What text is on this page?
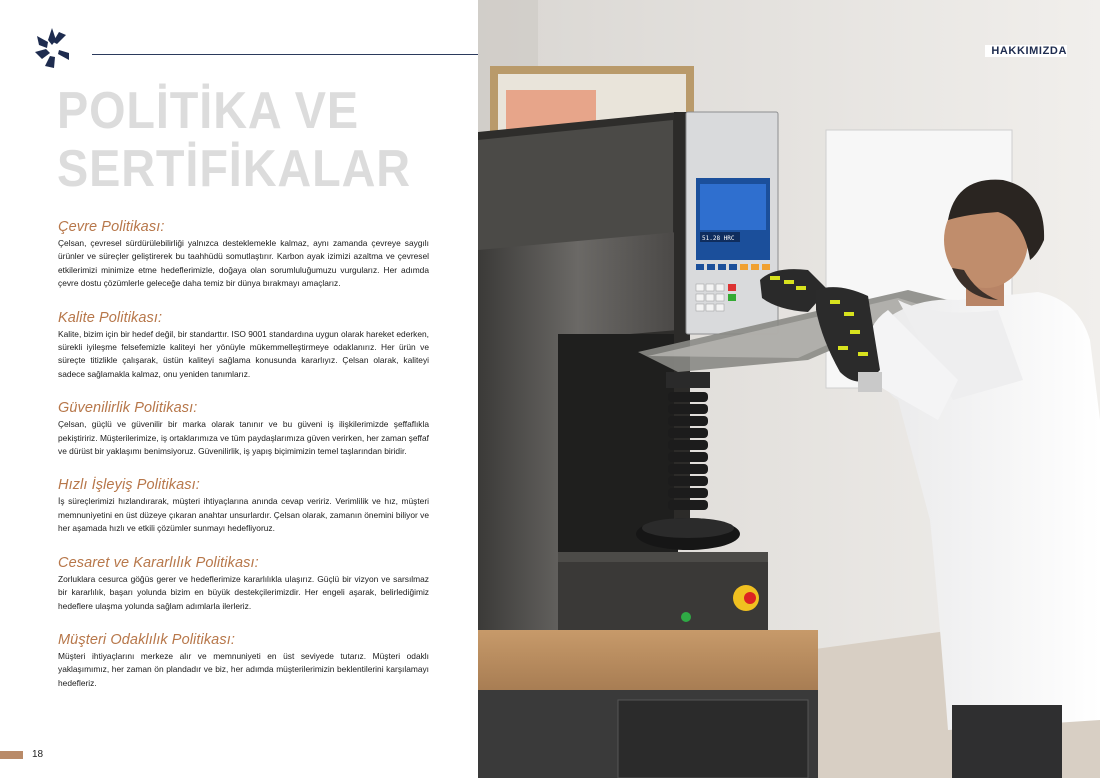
HAKKIMIZDA
POLİTİKA VE
SERTİFİKALAR
Çevre Politikası:

Çelsan, çevresel sürdürülebilirliği yalnızca desteklemekle kalmaz, aynı zamanda çevreye saygılı ürünler ve süreçler geliştirerek bu taahhüdü somutlaştırır. Karbon ayak izimizi azaltma ve çevresel etkilerimizi minimize etme hedeflerimizle, doğaya olan sorumluluğumuzu vurgularız. Her adımda çevre dostu çözümlerle geleceğe daha temiz bir dünya bırakmayı amaçlarız.

Kalite Politikası:

Kalite, bizim için bir hedef değil, bir standarttır. ISO 9001 standardına uygun olarak hareket ederken, sürekli iyileşme felsefemizle kaliteyi her yönüyle mükemmelleştirmeye odaklanırız. Her ürün ve süreçte titizlikle çalışarak, üstün kaliteyi sağlama konusunda kararlıyız. Çelsan olarak, kaliteyi sadece sağlamakla kalmaz, onu yeniden tanımlarız.

Güvenilirlik Politikası:

Çelsan, güçlü ve güvenilir bir marka olarak tanınır ve bu güveni iş ilişkilerimizde şeffaflıkla pekiştiririz. Müşterilerimize, iş ortaklarımıza ve tüm paydaşlarımıza güven verirken, her zaman şeffaf ve dürüst bir yaklaşımı benimsiyoruz. Güvenilirlik, iş yapış biçimimizin temel taşlarından biridir.

Hızlı İşleyiş Politikası:

İş süreçlerimizi hızlandırarak, müşteri ihtiyaçlarına anında cevap veririz. Verimlilik ve hız, müşteri memnuniyetini en üst düzeye çıkaran anahtar unsurlardır. Çelsan olarak, zamanın önemini biliyor ve her aşamada hızlı ve etkili çözümler sunmayı hedefliyoruz.

Cesaret ve Kararlılık Politikası:

Zorluklara cesurca göğüs gerer ve hedeflerimize kararlılıkla ulaşırız. Güçlü bir vizyon ve sarsılmaz bir kararlılık, başarı yolunda bizim en büyük destekçilerimizdir. Her engeli aşarak, belirlediğimiz hedeflere ulaşma yolunda sağlam adımlarla ilerleriz.

Müşteri Odaklılık Politikası:

Müşteri ihtiyaçlarını merkeze alır ve memnuniyeti en üst seviyede tutarız. Müşteri odaklı yaklaşımımız, her zaman ön plandadır ve biz, her adımda müşterilerimizin beklentilerini karşılamayı hedefleriz.

18
51.28 HRC
